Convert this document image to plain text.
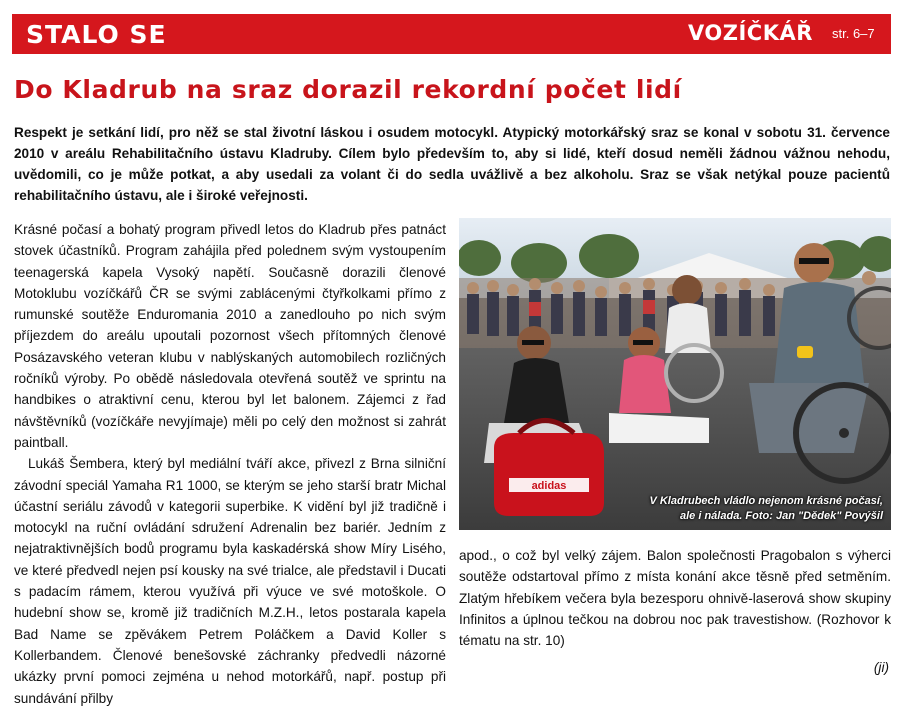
STALO SE	VOZÍČKÁŘ str. 6–7
Do Kladrub na sraz dorazil rekordní počet lidí

Respekt je setkání lidí, pro něž se stal životní láskou i osudem motocykl. Atypický motorkářský sraz se konal v sobotu 31. července 2010 v areálu Rehabilitačního ústavu Kladruby. Cílem bylo především to, aby si lidé, kteří dosud neměli žádnou vážnou nehodu, uvědomili, co je může potkat, a aby usedali za volant či do sedla uvážlivě a bez alkoholu. Sraz se však netýkal pouze pacientů rehabilitačního ústavu, ale i široké veřejnosti.

Krásné počasí a bohatý program přivedl letos do Kladrub přes patnáct stovek účastníků. Program zahájila před polednem svým vystoupením teenagerská kapela Vysoký napětí. Současně dorazili členové Motoklubu vozíčkářů ČR se svými zablácenými čtyřkolkami přímo z rumunské soutěže Enduromania 2010 a zanedlouho po nich svým příjezdem do areálu upoutali pozornost všech přítomných členové Posázavského veteran klubu v nablýskaných automobilech rozličných ročníků výroby. Po obědě následovala otevřená soutěž ve sprintu na handbikes o atraktivní cenu, kterou byl let balonem. Zájemci z řad návštěvníků (vozíčkáře nevyjímaje) měli po celý den možnost si zahrát paintball.

Lukáš Šembera, který byl mediální tváří akce, přivezl z Brna silniční závodní speciál Yamaha R1 1000, se kterým se jeho starší bratr Michal účastní seriálu závodů v kategorii superbike. K vidění byl již tradičně i motocykl na ruční ovládání sdružení Adrenalin bez bariér. Jedním z nejatraktivnějších bodů programu byla kaskadérská show Míry Lisého, ve které předvedl nejen psí kousky na své trialce, ale představil i Ducati s padacím rámem, kterou využívá při výuce ve své motoškole. O hudební show se, kromě již tradičních M.Z.H., letos postarala kapela Bad Name se zpěvákem Petrem Poláčkem a David Koller s Kollerbandem. Členové benešovské záchranky předvedli názorné ukázky první pomoci zejména u nehod motorkářů, např. postup při sundávání přilby

adidas
V Kladrubech vládlo nejenom krásné počasí,
ale i nálada. Foto: Jan "Dědek" Povýšil

apod., o což byl velký zájem. Balon společnosti Pragobalon s výherci soutěže odstartoval přímo z místa konání akce těsně před setměním. Zlatým hřebíkem večera byla bezesporu ohnivě-laserová show skupiny Infinitos a úplnou tečkou na dobrou noc pak travestishow. (Rozhovor k tématu na str. 10)

(ji)
